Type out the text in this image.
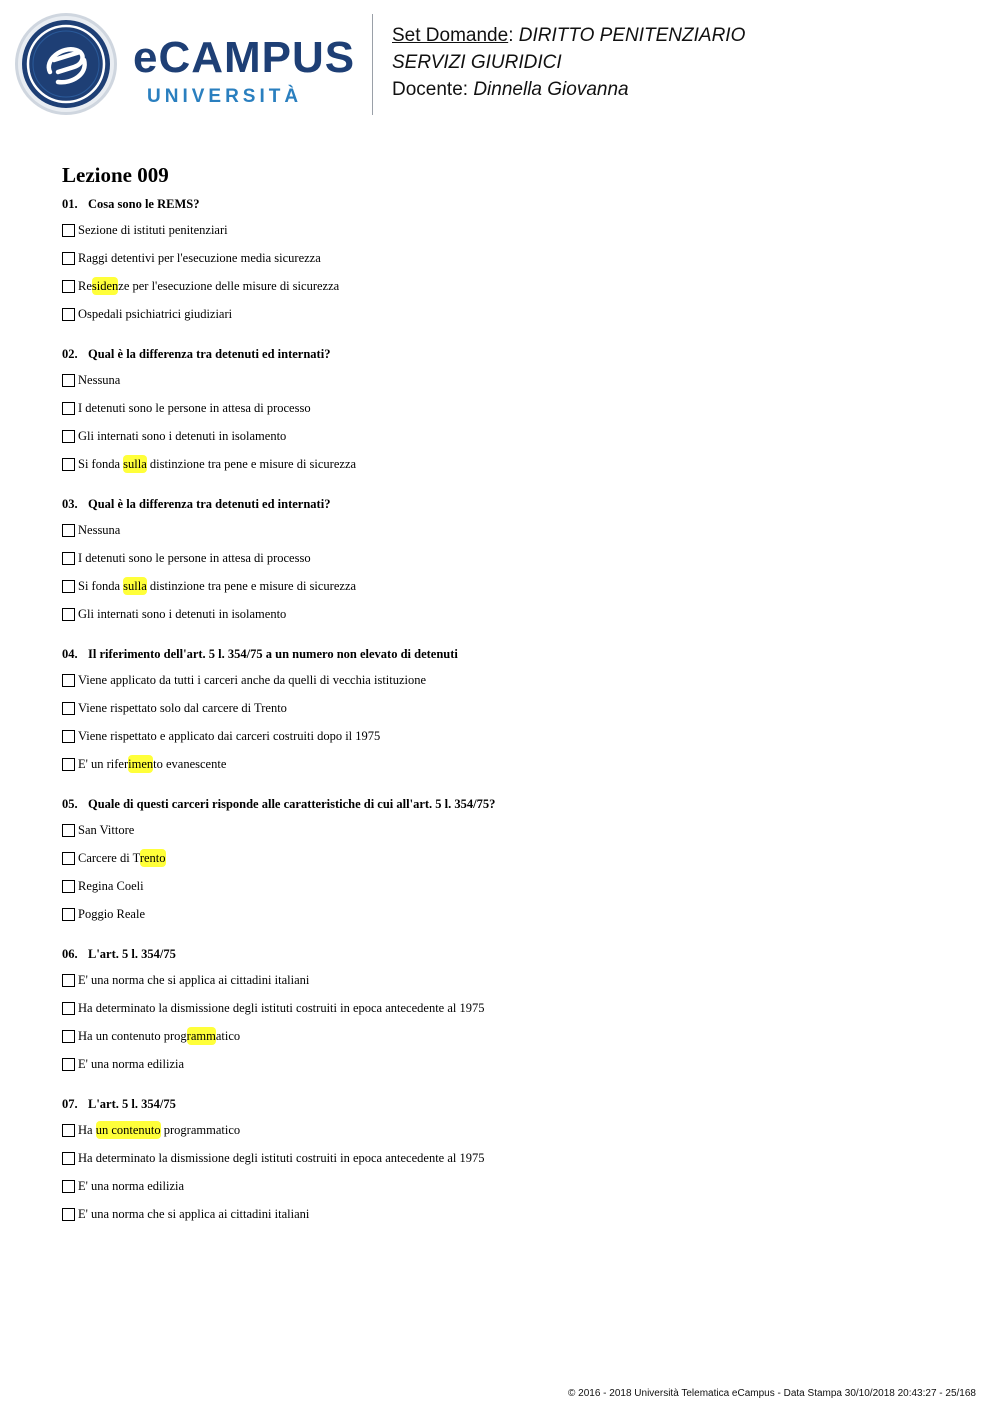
eCAMPUS
UNIVERSITÀ
Set Domande: DIRITTO PENITENZIARIO
SERVIZI GIURIDICI
Docente: Dinnella Giovanna
Lezione 009
01. Cosa sono le REMS?
Sezione di istituti penitenziari
Raggi detentivi per l'esecuzione media sicurezza
Residenze per l'esecuzione delle misure di sicurezza
Ospedali psichiatrici giudiziari
02. Qual è la differenza tra detenuti ed internati?
Nessuna
I detenuti sono le persone in attesa di processo
Gli internati sono i detenuti in isolamento
Si fonda sulla distinzione tra pene e misure di sicurezza
03. Qual è la differenza tra detenuti ed internati?
Nessuna
I detenuti sono le persone in attesa di processo
Si fonda sulla distinzione tra pene e misure di sicurezza
Gli internati sono i detenuti in isolamento
04. Il riferimento dell'art. 5 l. 354/75 a un numero non elevato di detenuti
Viene applicato da tutti i carceri anche da quelli di vecchia istituzione
Viene rispettato solo dal carcere di Trento
Viene rispettato e applicato dai carceri costruiti dopo il 1975
E' un riferimento evanescente
05. Quale di questi carceri risponde alle caratteristiche di cui all'art. 5 l. 354/75?
San Vittore
Carcere di Trento
Regina Coeli
Poggio Reale
06. L'art. 5 l. 354/75
E' una norma che si applica ai cittadini italiani
Ha determinato la dismissione degli istituti costruiti in epoca antecedente al 1975
Ha un contenuto programmatico
E' una norma edilizia
07. L'art. 5 l. 354/75
Ha un contenuto programmatico
Ha determinato la dismissione degli istituti costruiti in epoca antecedente al 1975
E' una norma edilizia
E' una norma che si applica ai cittadini italiani
© 2016 - 2018 Università Telematica eCampus - Data Stampa 30/10/2018 20:43:27 - 25/168
